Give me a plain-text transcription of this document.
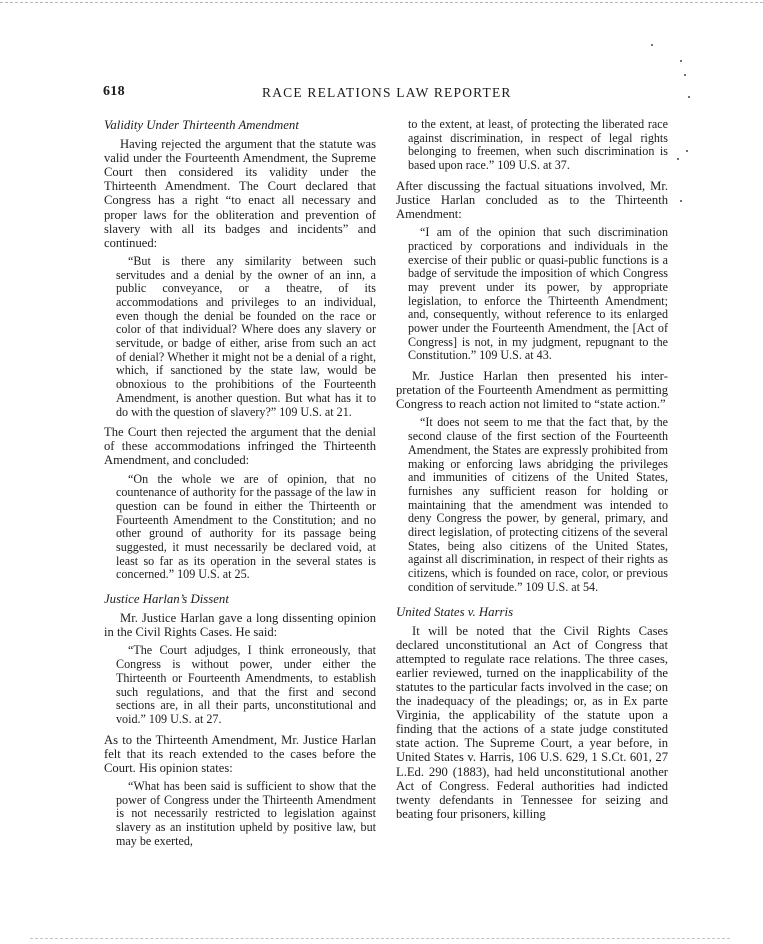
618	RACE RELATIONS LAW REPORTER
Validity Under Thirteenth Amendment

Having rejected the argument that the statute was valid under the Fourteenth Amendment, the Supreme Court then considered its validity under the Thirteenth Amendment. The Court declared that Congress has a right “to enact all necessary and proper laws for the obliteration and prevention of slavery with all its badges and incidents” and continued:

“But is there any similarity between such servitudes and a denial by the owner of an inn, a public conveyance, or a theatre, of its accommodations and privileges to an individual, even though the denial be founded on the race or color of that individual? Where does any slavery or servitude, or badge of either, arise from such an act of denial? Whether it might not be a denial of a right, which, if sanctioned by the state law, would be obnoxious to the prohibitions of the Fourteenth Amendment, is another question. But what has it to do with the question of slavery?” 109 U.S. at 21.

The Court then rejected the argument that the denial of these accommodations infringed the Thirteenth Amendment, and concluded:

“On the whole we are of opinion, that no countenance of authority for the passage of the law in question can be found in either the Thirteenth or Fourteenth Amendment to the Constitution; and no other ground of authority for its passage being suggested, it must necessarily be declared void, at least so far as its operation in the several states is concerned.” 109 U.S. at 25.

Justice Harlan’s Dissent

Mr. Justice Harlan gave a long dissenting opinion in the Civil Rights Cases. He said:

“The Court adjudges, I think erroneously, that Congress is without power, under either the Thirteenth or Fourteenth Amendments, to establish such regulations, and that the first and second sections are, in all their parts, unconstitutional and void.” 109 U.S. at 27.

As to the Thirteenth Amendment, Mr. Justice Harlan felt that its reach extended to the cases before the Court. His opinion states:

“What has been said is sufficient to show that the power of Congress under the Thirteenth Amendment is not necessarily restricted to legislation against slavery as an institution upheld by positive law, but may be exerted,

to the extent, at least, of protecting the liberated race against discrimination, in respect of legal rights belonging to freemen, when such discrimination is based upon race.” 109 U.S. at 37.

After discussing the factual situations involved, Mr. Justice Harlan concluded as to the Thirteenth Amendment:

“I am of the opinion that such discrimination practiced by corporations and individuals in the exercise of their public or quasi-public functions is a badge of servitude the imposition of which Congress may prevent under its power, by appropriate legislation, to enforce the Thirteenth Amendment; and, consequently, without reference to its enlarged power under the Fourteenth Amendment, the [Act of Congress] is not, in my judgment, repugnant to the Constitution.” 109 U.S. at 43.

Mr. Justice Harlan then presented his interpretation of the Fourteenth Amendment as permitting Congress to reach action not limited to “state action.”

“It does not seem to me that the fact that, by the second clause of the first section of the Fourteenth Amendment, the States are expressly prohibited from making or enforcing laws abridging the privileges and immunities of citizens of the United States, furnishes any sufficient reason for holding or maintaining that the amendment was intended to deny Congress the power, by general, primary, and direct legislation, of protecting citizens of the several States, being also citizens of the United States, against all discrimination, in respect of their rights as citizens, which is founded on race, color, or previous condition of servitude.” 109 U.S. at 54.

United States v. Harris

It will be noted that the Civil Rights Cases declared unconstitutional an Act of Congress that attempted to regulate race relations. The three cases, earlier reviewed, turned on the inapplicability of the statutes to the particular facts involved in the case; on the inadequacy of the pleadings; or, as in Ex parte Virginia, the applicability of the statute upon a finding that the actions of a state judge constituted state action. The Supreme Court, a year before, in United States v. Harris, 106 U.S. 629, 1 S.Ct. 601, 27 L.Ed. 290 (1883), had held unconstitutional another Act of Congress. Federal authorities had indicted twenty defendants in Tennessee for seizing and beating four prisoners, killing
